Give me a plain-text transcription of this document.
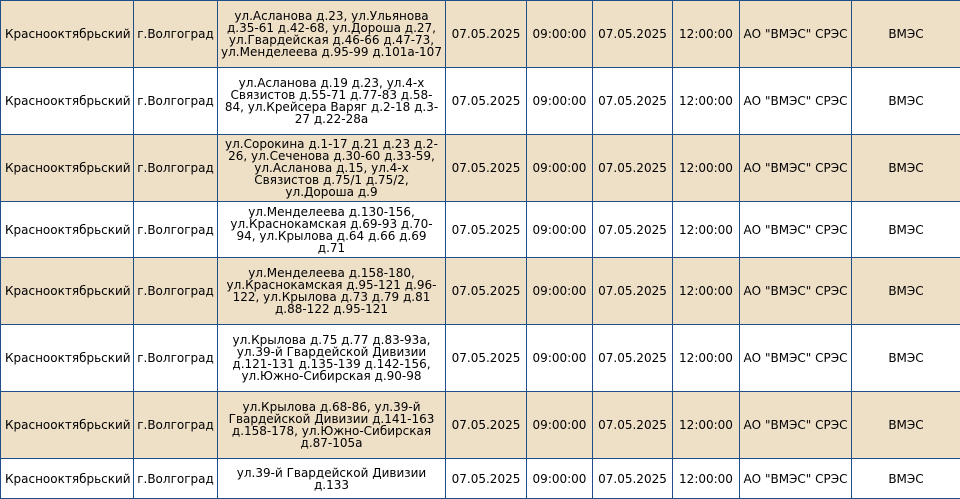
Краснооктябрьский	г.Волгоград	ул.Асланова д.23, ул.Ульянова д.35-61 д.42-68, ул.Дороша д.27, ул.Гвардейская д.46-66 д.47-73, ул.Менделеева д.95-99 д.101а-107	07.05.2025	09:00:00	07.05.2025	12:00:00	АО "ВМЭС" СРЭС	ВМЭС
Краснооктябрьский	г.Волгоград	ул.Асланова д.19 д.23, ул.4-х Связистов д.55-71 д.77-83 д.58-84, ул.Крейсера Варяг д.2-18 д.3-27 д.22-28а	07.05.2025	09:00:00	07.05.2025	12:00:00	АО "ВМЭС" СРЭС	ВМЭС
Краснооктябрьский	г.Волгоград	ул.Сорокина д.1-17 д.21 д.23 д.2-26, ул.Сеченова д.30-60 д.33-59, ул.Асланова д.15, ул.4-х Связистов д.75/1 д.75/2, ул.Дороша д.9	07.05.2025	09:00:00	07.05.2025	12:00:00	АО "ВМЭС" СРЭС	ВМЭС
Краснооктябрьский	г.Волгоград	ул.Менделеева д.130-156, ул.Краснокамская д.69-93 д.70-94, ул.Крылова д.64 д.66 д.69 д.71	07.05.2025	09:00:00	07.05.2025	12:00:00	АО "ВМЭС" СРЭС	ВМЭС
Краснооктябрьский	г.Волгоград	ул.Менделеева д.158-180, ул.Краснокамская д.95-121 д.96-122, ул.Крылова д.73 д.79 д.81 д.88-122 д.95-121	07.05.2025	09:00:00	07.05.2025	12:00:00	АО "ВМЭС" СРЭС	ВМЭС
Краснооктябрьский	г.Волгоград	ул.Крылова д.75 д.77 д.83-93а, ул.39-й Гвардейской Дивизии д.121-131 д.135-139 д.142-156, ул.Южно-Сибирская д.90-98	07.05.2025	09:00:00	07.05.2025	12:00:00	АО "ВМЭС" СРЭС	ВМЭС
Краснооктябрьский	г.Волгоград	ул.Крылова д.68-86, ул.39-й Гвардейской Дивизии д.141-163 д.158-178, ул.Южно-Сибирская д.87-105а	07.05.2025	09:00:00	07.05.2025	12:00:00	АО "ВМЭС" СРЭС	ВМЭС
Краснооктябрьский	г.Волгоград	ул.39-й Гвардейской Дивизии д.133	07.05.2025	09:00:00	07.05.2025	12:00:00	АО "ВМЭС" СРЭС	ВМЭС
